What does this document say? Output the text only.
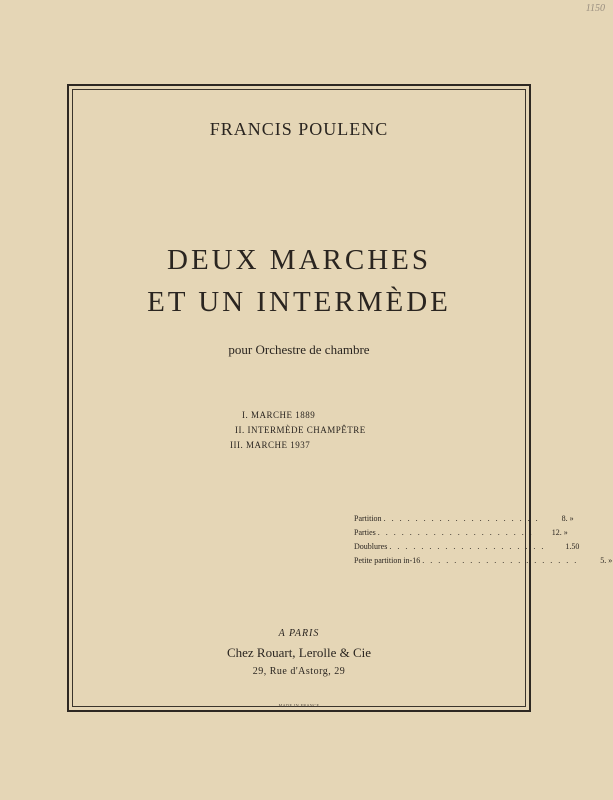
1150
FRANCIS POULENC
DEUX MARCHES
ET UN INTERMÈDE
pour Orchestre de chambre
I. MARCHE 1889
II. INTERMÈDE CHAMPÊTRE
III. MARCHE 1937
Partition . . . . . . . . . . . . . . . . . . . .	8. »
Parties . . . . . . . . . . . . . . . . . . . .	12. »
Doublures . . . . . . . . . . . . . . . . . . . .	1.50
Petite partition in-16 . . . . . . . . . . . . . . . . . . . .	5. »
A PARIS
Chez Rouart, Lerolle & Cie
29, Rue d'Astorg, 29
MADE IN FRANCE
